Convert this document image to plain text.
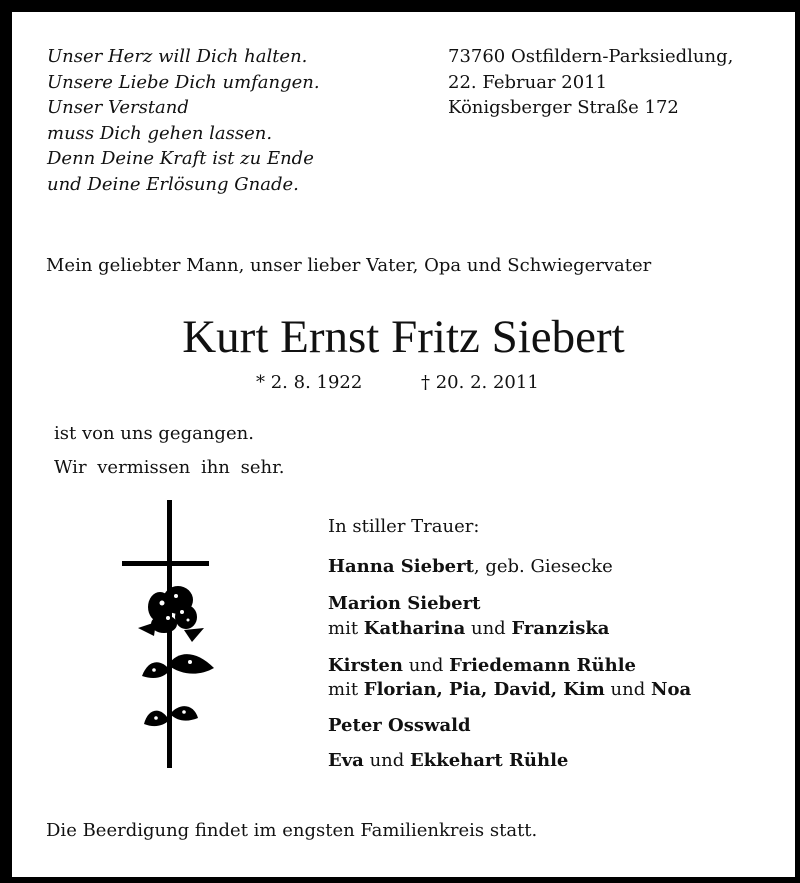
Unser Herz will Dich halten.
Unsere Liebe Dich umfangen.
Unser Verstand
muss Dich gehen lassen.
Denn Deine Kraft ist zu Ende
und Deine Erlösung Gnade.
73760 Ostfildern-Parksiedlung,
22. Februar 2011
Königsberger Straße 172
Mein geliebter Mann, unser lieber Vater, Opa und Schwiegervater
Kurt Ernst Fritz Siebert
* 2. 8. 1922	† 20. 2. 2011
ist von uns gegangen.
Wir vermissen ihn sehr.
In stiller Trauer:
Hanna Siebert, geb. Giesecke
Marion Siebert
mit Katharina und Franziska
Kirsten und Friedemann Rühle
mit Florian, Pia, David, Kim und Noa
Peter Osswald
Eva und Ekkehart Rühle
Die Beerdigung findet im engsten Familienkreis statt.
